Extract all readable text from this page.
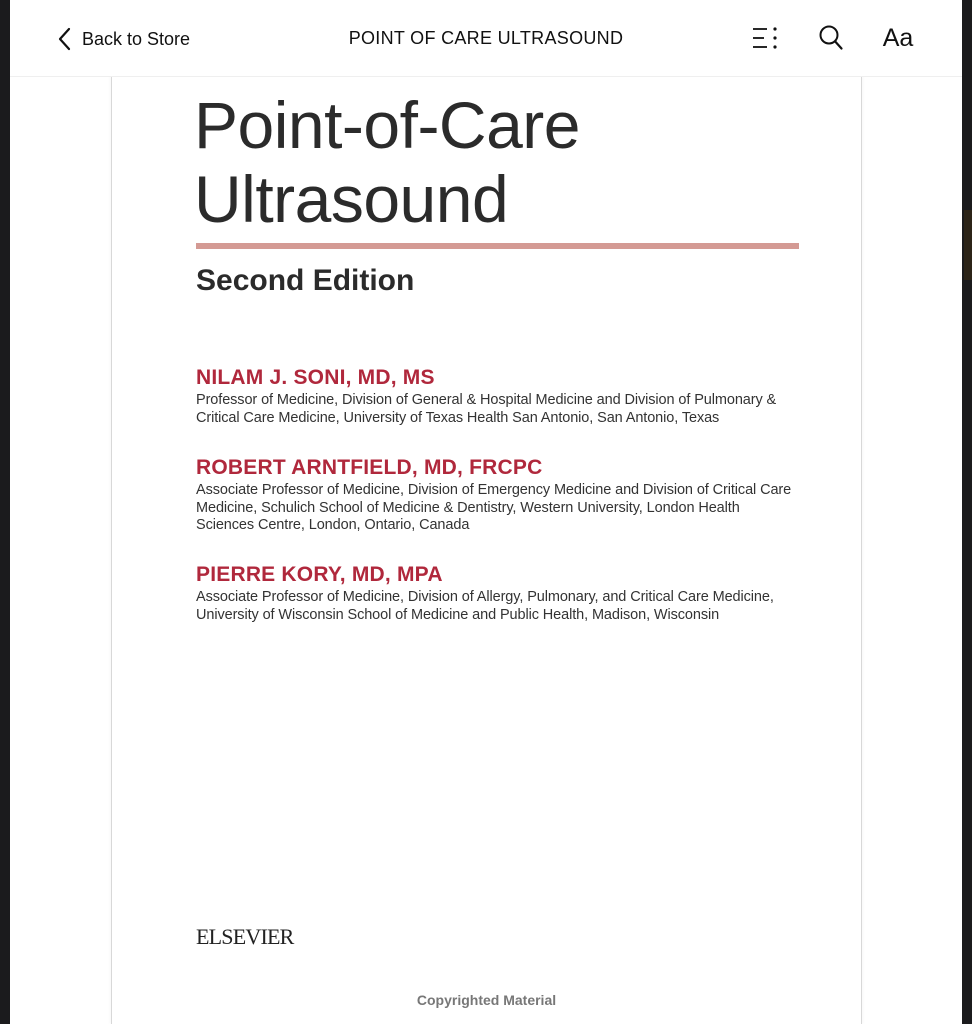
Back to Store	POINT OF CARE ULTRASOUND	Aa
Point-of-Care
Ultrasound
Second Edition
NILAM J. SONI, MD, MS
Professor of Medicine, Division of General & Hospital Medicine and Division of Pulmonary & Critical Care Medicine, University of Texas Health San Antonio, San Antonio, Texas
ROBERT ARNTFIELD, MD, FRCPC
Associate Professor of Medicine, Division of Emergency Medicine and Division of Critical Care Medicine, Schulich School of Medicine & Dentistry, Western University, London Health Sciences Centre, London, Ontario, Canada
PIERRE KORY, MD, MPA
Associate Professor of Medicine, Division of Allergy, Pulmonary, and Critical Care Medicine, University of Wisconsin School of Medicine and Public Health, Madison, Wisconsin
ELSEVIER
Copyrighted Material
